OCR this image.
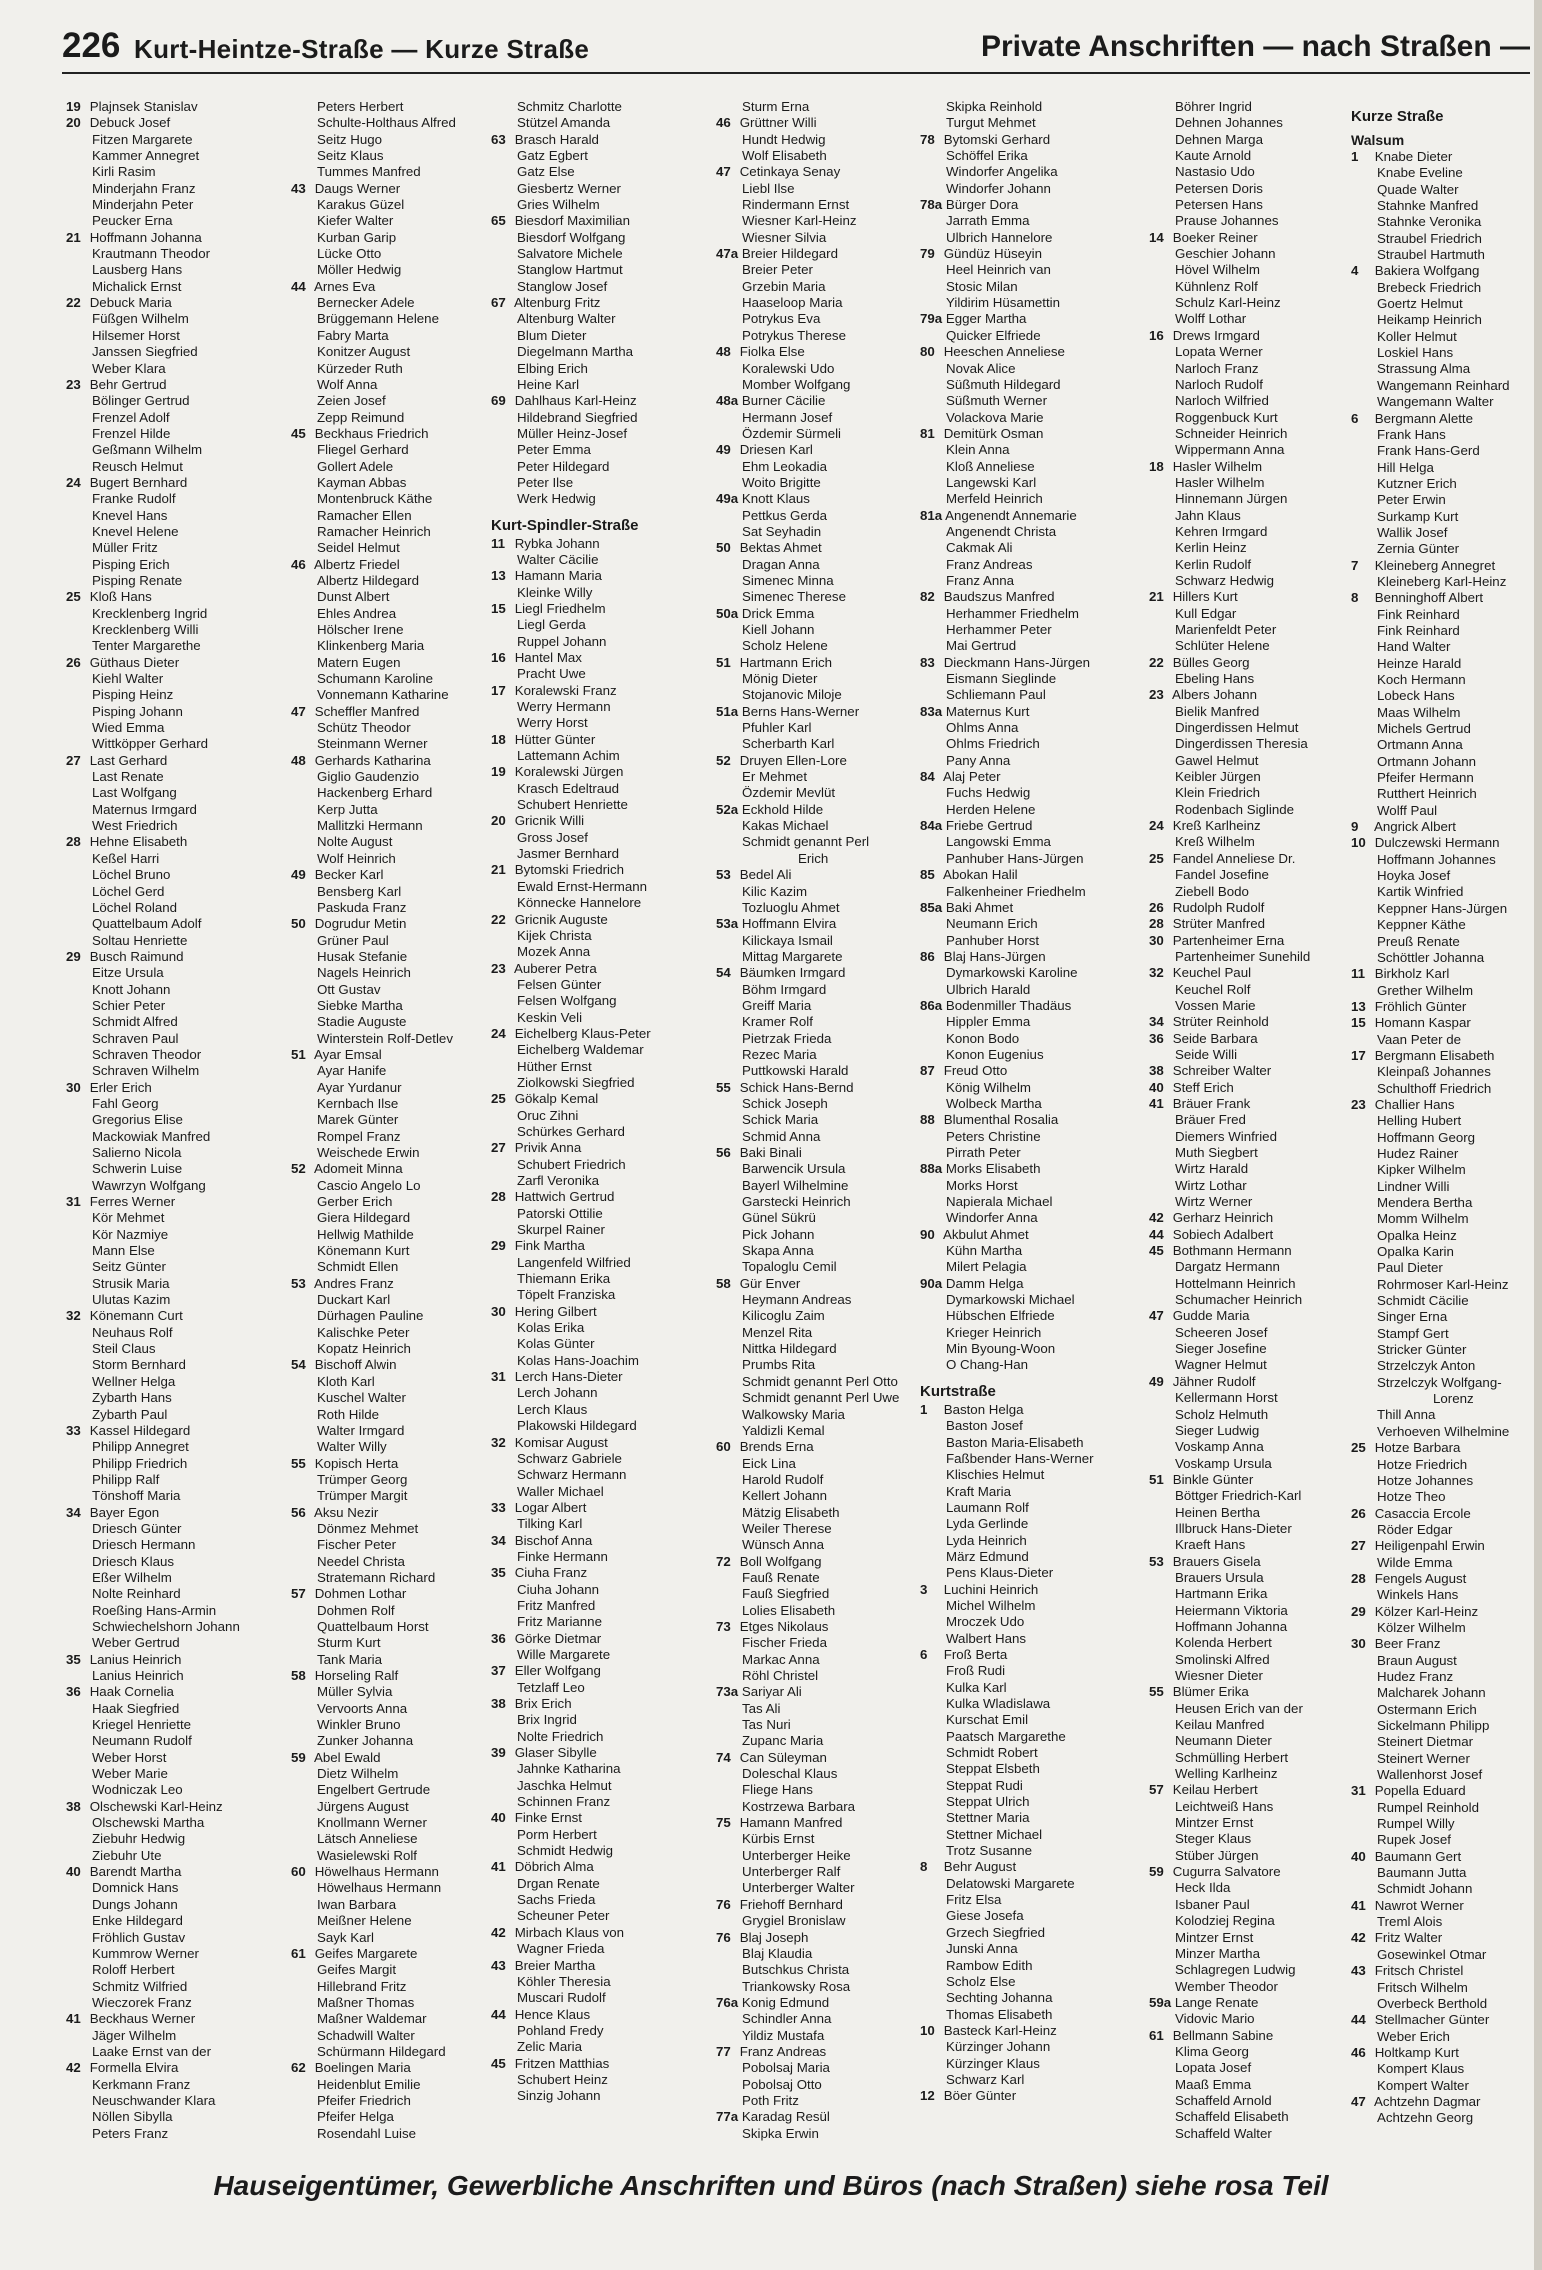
226 Kurt-Heintze-Straße — Kurze Straße	Private Anschriften — nach Straßen —
19 Plajnsek Stanislav
20 Debuck Josef
Fitzen Margarete
Kammer Annegret
Kirli Rasim
Minderjahn Franz
Minderjahn Peter
Peucker Erna
21 Hoffmann Johanna
Krautmann Theodor
Lausberg Hans
Michalick Ernst
22 Debuck Maria
Füßgen Wilhelm
Hilsemer Horst
Janssen Siegfried
Weber Klara
23 Behr Gertrud
Bölinger Gertrud
Frenzel Adolf
Frenzel Hilde
Geßmann Wilhelm
Reusch Helmut
24 Bugert Bernhard
Franke Rudolf
Knevel Hans
Knevel Helene
Müller Fritz
Pisping Erich
Pisping Renate
25 Kloß Hans
Krecklenberg Ingrid
Krecklenberg Willi
Tenter Margarethe
26 Güthaus Dieter
Kiehl Walter
Pisping Heinz
Pisping Johann
Wied Emma
Wittköpper Gerhard
27 Last Gerhard
Last Renate
Last Wolfgang
Maternus Irmgard
West Friedrich
28 Hehne Elisabeth
Keßel Harri
Löchel Bruno
Löchel Gerd
Löchel Roland
Quattelbaum Adolf
Soltau Henriette
29 Busch Raimund
Eitze Ursula
Knott Johann
Schier Peter
Schmidt Alfred
Schraven Paul
Schraven Theodor
Schraven Wilhelm
30 Erler Erich
Fahl Georg
Gregorius Elise
Mackowiak Manfred
Salierno Nicola
Schwerin Luise
Wawrzyn Wolfgang
31 Ferres Werner
Kör Mehmet
Kör Nazmiye
Mann Else
Seitz Günter
Strusik Maria
Ulutas Kazim
32 Könemann Curt
Neuhaus Rolf
Steil Claus
Storm Bernhard
Wellner Helga
Zybarth Hans
Zybarth Paul
33 Kassel Hildegard
Philipp Annegret
Philipp Friedrich
Philipp Ralf
Tönshoff Maria
34 Bayer Egon
Driesch Günter
Driesch Hermann
Driesch Klaus
Eßer Wilhelm
Nolte Reinhard
Roeßing Hans-Armin
Schwiechelshorn Johann
Weber Gertrud
35 Lanius Heinrich
Lanius Heinrich
36 Haak Cornelia
Haak Siegfried
Kriegel Henriette
Neumann Rudolf
Weber Horst
Weber Marie
Wodniczak Leo
38 Olschewski Karl-Heinz
Olschewski Martha
Ziebuhr Hedwig
Ziebuhr Ute
40 Barendt Martha
Domnick Hans
Dungs Johann
Enke Hildegard
Fröhlich Gustav
Kummrow Werner
Roloff Herbert
Schmitz Wilfried
Wieczorek Franz
41 Beckhaus Werner
Jäger Wilhelm
Laake Ernst van der
42 Formella Elvira
Kerkmann Franz
Neuschwander Klara
Nöllen Sibylla
Peters Franz
Peters Herbert
Schulte-Holthaus Alfred
Seitz Hugo
Seitz Klaus
Tummes Manfred
43 Daugs Werner
Karakus Güzel
Kiefer Walter
Kurban Garip
Lücke Otto
Möller Hedwig
44 Arnes Eva
Bernecker Adele
Brüggemann Helene
Fabry Marta
Konitzer August
Kürzeder Ruth
Wolf Anna
Zeien Josef
Zepp Reimund
45 Beckhaus Friedrich
Fliegel Gerhard
Gollert Adele
Kayman Abbas
Montenbruck Käthe
Ramacher Ellen
Ramacher Heinrich
Seidel Helmut
46 Albertz Friedel
Albertz Hildegard
Dunst Albert
Ehles Andrea
Hölscher Irene
Klinkenberg Maria
Matern Eugen
Schumann Karoline
Vonnemann Katharine
47 Scheffler Manfred
Schütz Theodor
Steinmann Werner
48 Gerhards Katharina
Giglio Gaudenzio
Hackenberg Erhard
Kerp Jutta
Mallitzki Hermann
Nolte August
Wolf Heinrich
49 Becker Karl
Bensberg Karl
Paskuda Franz
50 Dogrudur Metin
Grüner Paul
Husak Stefanie
Nagels Heinrich
Ott Gustav
Siebke Martha
Stadie Auguste
Winterstein Rolf-Detlev
51 Ayar Emsal
Ayar Hanife
Ayar Yurdanur
Kernbach Ilse
Marek Günter
Rompel Franz
Weischede Erwin
52 Adomeit Minna
Cascio Angelo Lo
Gerber Erich
Giera Hildegard
Hellwig Mathilde
Könemann Kurt
Schmidt Ellen
53 Andres Franz
Duckart Karl
Dürhagen Pauline
Kalischke Peter
Kopatz Heinrich
54 Bischoff Alwin
Kloth Karl
Kuschel Walter
Roth Hilde
Walter Irmgard
Walter Willy
55 Kopisch Herta
Trümper Georg
Trümper Margit
56 Aksu Nezir
Dönmez Mehmet
Fischer Peter
Needel Christa
Stratemann Richard
57 Dohmen Lothar
Dohmen Rolf
Quattelbaum Horst
Sturm Kurt
Tank Maria
58 Horseling Ralf
Müller Sylvia
Vervoorts Anna
Winkler Bruno
Zunker Johanna
59 Abel Ewald
Dietz Wilhelm
Engelbert Gertrude
Jürgens August
Knollmann Werner
Lätsch Anneliese
Wasielewski Rolf
60 Höwelhaus Hermann
Höwelhaus Hermann
Iwan Barbara
Meißner Helene
Sayk Karl
61 Geifes Margarete
Geifes Margit
Hillebrand Fritz
Maßner Thomas
Maßner Waldemar
Schadwill Walter
Schürmann Hildegard
62 Boelingen Maria
Heidenblut Emilie
Pfeifer Friedrich
Pfeifer Helga
Rosendahl Luise
Schmitz Charlotte
Stützel Amanda
63 Brasch Harald
Gatz Egbert
Gatz Else
Giesbertz Werner
Gries Wilhelm
65 Biesdorf Maximilian
Biesdorf Wolfgang
Salvatore Michele
Stanglow Hartmut
Stanglow Josef
67 Altenburg Fritz
Altenburg Walter
Blum Dieter
Diegelmann Martha
Elbing Erich
Heine Karl
69 Dahlhaus Karl-Heinz
Hildebrand Siegfried
Müller Heinz-Josef
Peter Emma
Peter Hildegard
Peter Ilse
Werk Hedwig
Kurt-Spindler-Straße
11 Rybka Johann
Walter Cäcilie
13 Hamann Maria
Kleinke Willy
15 Liegl Friedhelm
Liegl Gerda
Ruppel Johann
16 Hantel Max
Pracht Uwe
17 Koralewski Franz
Werry Hermann
Werry Horst
18 Hütter Günter
Lattemann Achim
19 Koralewski Jürgen
Krasch Edeltraud
Schubert Henriette
20 Gricnik Willi
Gross Josef
Jasmer Bernhard
21 Bytomski Friedrich
Ewald Ernst-Hermann
Könnecke Hannelore
22 Gricnik Auguste
Kijek Christa
Mozek Anna
23 Auberer Petra
Felsen Günter
Felsen Wolfgang
Keskin Veli
24 Eichelberg Klaus-Peter
Eichelberg Waldemar
Hüther Ernst
Ziolkowski Siegfried
25 Gökalp Kemal
Oruc Zihni
Schürkes Gerhard
27 Privik Anna
Schubert Friedrich
Zarfl Veronika
28 Hattwich Gertrud
Patorski Ottilie
Skurpel Rainer
29 Fink Martha
Langenfeld Wilfried
Thiemann Erika
Töpelt Franziska
30 Hering Gilbert
Kolas Erika
Kolas Günter
Kolas Hans-Joachim
31 Lerch Hans-Dieter
Lerch Johann
Lerch Klaus
Plakowski Hildegard
32 Komisar August
Schwarz Gabriele
Schwarz Hermann
Waller Michael
33 Logar Albert
Tilking Karl
34 Bischof Anna
Finke Hermann
35 Ciuha Franz
Ciuha Johann
Fritz Manfred
Fritz Marianne
36 Görke Dietmar
Wille Margarete
37 Eller Wolfgang
Tetzlaff Leo
38 Brix Erich
Brix Ingrid
Nolte Friedrich
39 Glaser Sibylle
Jahnke Katharina
Jaschka Helmut
Schinnen Franz
40 Finke Ernst
Porm Herbert
Schmidt Hedwig
41 Döbrich Alma
Drgan Renate
Sachs Frieda
Scheuner Peter
42 Mirbach Klaus von
Wagner Frieda
43 Breier Martha
Köhler Theresia
Muscari Rudolf
44 Hence Klaus
Pohland Fredy
Zelic Maria
45 Fritzen Matthias
Schubert Heinz
Sinzig Johann
Sturm Erna
46 Grüttner Willi
Hundt Hedwig
Wolf Elisabeth
47 Cetinkaya Senay
Liebl Ilse
Rindermann Ernst
Wiesner Karl-Heinz
Wiesner Silvia
47a Breier Hildegard
Breier Peter
Grzebin Maria
Haaseloop Maria
Potrykus Eva
Potrykus Therese
48 Fiolka Else
Koralewski Udo
Momber Wolfgang
48a Burner Cäcilie
Hermann Josef
Özdemir Sürmeli
49 Driesen Karl
Ehm Leokadia
Woito Brigitte
49a Knott Klaus
Pettkus Gerda
Sat Seyhadin
50 Bektas Ahmet
Dragan Anna
Simenec Minna
Simenec Therese
50a Drick Emma
Kiell Johann
Scholz Helene
51 Hartmann Erich
Mönig Dieter
Stojanovic Miloje
51a Berns Hans-Werner
Pfuhler Karl
Scherbarth Karl
52 Druyen Ellen-Lore
Er Mehmet
Özdemir Mevlüt
52a Eckhold Hilde
Kakas Michael
Schmidt genannt Perl
Erich
53 Bedel Ali
Kilic Kazim
Tozluoglu Ahmet
53a Hoffmann Elvira
Kilickaya Ismail
Mittag Margarete
54 Bäumken Irmgard
Böhm Irmgard
Greiff Maria
Kramer Rolf
Pietrzak Frieda
Rezec Maria
Puttkowski Harald
55 Schick Hans-Bernd
Schick Joseph
Schick Maria
Schmid Anna
56 Baki Binali
Barwencik Ursula
Bayerl Wilhelmine
Garstecki Heinrich
Günel Sükrü
Pick Johann
Skapa Anna
Topaloglu Cemil
58 Gür Enver
Heymann Andreas
Kilicoglu Zaim
Menzel Rita
Nittka Hildegard
Prumbs Rita
Schmidt genannt Perl Otto
Schmidt genannt Perl Uwe
Walkowsky Maria
Yaldizli Kemal
60 Brends Erna
Eick Lina
Harold Rudolf
Kellert Johann
Mätzig Elisabeth
Weiler Therese
Wünsch Anna
72 Boll Wolfgang
Fauß Renate
Fauß Siegfried
Lolies Elisabeth
73 Etges Nikolaus
Fischer Frieda
Markac Anna
Röhl Christel
73a Sariyar Ali
Tas Ali
Tas Nuri
Zupanc Maria
74 Can Süleyman
Doleschal Klaus
Fliege Hans
Kostrzewa Barbara
75 Hamann Manfred
Kürbis Ernst
Unterberger Heike
Unterberger Ralf
Unterberger Walter
76 Friehoff Bernhard
Grygiel Bronislaw
76 Blaj Joseph
Blaj Klaudia
Butschkus Christa
Triankowsky Rosa
76a Konig Edmund
Schindler Anna
Yildiz Mustafa
77 Franz Andreas
Pobolsaj Maria
Pobolsaj Otto
Poth Fritz
77a Karadag Resül
Skipka Erwin
Skipka Reinhold
Turgut Mehmet
78 Bytomski Gerhard
Schöffel Erika
Windorfer Angelika
Windorfer Johann
78a Bürger Dora
Jarrath Emma
Ulbrich Hannelore
79 Gündüz Hüseyin
Heel Heinrich van
Stosic Milan
Yildirim Hüsamettin
79a Egger Martha
Quicker Elfriede
80 Heeschen Anneliese
Novak Alice
Süßmuth Hildegard
Süßmuth Werner
Volackova Marie
81 Demitürk Osman
Klein Anna
Kloß Anneliese
Langewski Karl
Merfeld Heinrich
81a Angenendt Annemarie
Angenendt Christa
Cakmak Ali
Franz Andreas
Franz Anna
82 Baudszus Manfred
Herhammer Friedhelm
Herhammer Peter
Mai Gertrud
83 Dieckmann Hans-Jürgen
Eismann Sieglinde
Schliemann Paul
83a Maternus Kurt
Ohlms Anna
Ohlms Friedrich
Pany Anna
84 Alaj Peter
Fuchs Hedwig
Herden Helene
84a Friebe Gertrud
Langowski Emma
Panhuber Hans-Jürgen
85 Abokan Halil
Falkenheiner Friedhelm
85a Baki Ahmet
Neumann Erich
Panhuber Horst
86 Blaj Hans-Jürgen
Dymarkowski Karoline
Ulbrich Harald
86a Bodenmiller Thadäus
Hippler Emma
Konon Bodo
Konon Eugenius
87 Freud Otto
König Wilhelm
Wolbeck Martha
88 Blumenthal Rosalia
Peters Christine
Pirrath Peter
88a Morks Elisabeth
Morks Horst
Napierala Michael
Windorfer Anna
90 Akbulut Ahmet
Kühn Martha
Milert Pelagia
90a Damm Helga
Dymarkowski Michael
Hübschen Elfriede
Krieger Heinrich
Min Byoung-Woon
O Chang-Han
Kurtstraße
1 Baston Helga
Baston Josef
Baston Maria-Elisabeth
Faßbender Hans-Werner
Klischies Helmut
Kraft Maria
Laumann Rolf
Lyda Gerlinde
Lyda Heinrich
März Edmund
Pens Klaus-Dieter
3 Luchini Heinrich
Michel Wilhelm
Mroczek Udo
Walbert Hans
6 Froß Berta
Froß Rudi
Kulka Karl
Kulka Wladislawa
Kurschat Emil
Paatsch Margarethe
Schmidt Robert
Steppat Elsbeth
Steppat Rudi
Steppat Ulrich
Stettner Maria
Stettner Michael
Trotz Susanne
8 Behr August
Delatowski Margarete
Fritz Elsa
Giese Josefa
Grzech Siegfried
Junski Anna
Rambow Edith
Scholz Else
Sechting Johanna
Thomas Elisabeth
10 Basteck Karl-Heinz
Kürzinger Johann
Kürzinger Klaus
Schwarz Karl
12 Böer Günter
Böhrer Ingrid
Dehnen Johannes
Dehnen Marga
Kaute Arnold
Nastasio Udo
Petersen Doris
Petersen Hans
Prause Johannes
14 Boeker Reiner
Geschier Johann
Hövel Wilhelm
Kühnlenz Rolf
Schulz Karl-Heinz
Wolff Lothar
16 Drews Irmgard
Lopata Werner
Narloch Franz
Narloch Rudolf
Narloch Wilfried
Roggenbuck Kurt
Schneider Heinrich
Wippermann Anna
18 Hasler Wilhelm
Hasler Wilhelm
Hinnemann Jürgen
Jahn Klaus
Kehren Irmgard
Kerlin Heinz
Kerlin Rudolf
Schwarz Hedwig
21 Hillers Kurt
Kull Edgar
Marienfeldt Peter
Schlüter Helene
22 Bülles Georg
Ebeling Hans
23 Albers Johann
Bielik Manfred
Dingerdissen Helmut
Dingerdissen Theresia
Gawel Helmut
Keibler Jürgen
Klein Friedrich
Rodenbach Siglinde
24 Kreß Karlheinz
Kreß Wilhelm
25 Fandel Anneliese Dr.
Fandel Josefine
Ziebell Bodo
26 Rudolph Rudolf
28 Strüter Manfred
30 Partenheimer Erna
Partenheimer Sunehild
32 Keuchel Paul
Keuchel Rolf
Vossen Marie
34 Strüter Reinhold
36 Seide Barbara
Seide Willi
38 Schreiber Walter
40 Steff Erich
41 Bräuer Frank
Bräuer Fred
Diemers Winfried
Muth Siegbert
Wirtz Harald
Wirtz Lothar
Wirtz Werner
42 Gerharz Heinrich
44 Sobiech Adalbert
45 Bothmann Hermann
Dargatz Hermann
Hottelmann Heinrich
Schumacher Heinrich
47 Gudde Maria
Scheeren Josef
Sieger Josefine
Wagner Helmut
49 Jähner Rudolf
Kellermann Horst
Scholz Helmuth
Sieger Ludwig
Voskamp Anna
Voskamp Ursula
51 Binkle Günter
Böttger Friedrich-Karl
Heinen Bertha
Illbruck Hans-Dieter
Kraeft Hans
53 Brauers Gisela
Brauers Ursula
Hartmann Erika
Heiermann Viktoria
Hoffmann Johanna
Kolenda Herbert
Smolinski Alfred
Wiesner Dieter
55 Blümer Erika
Heusen Erich van der
Keilau Manfred
Neumann Dieter
Schmülling Herbert
Welling Karlheinz
57 Keilau Herbert
Leichtweiß Hans
Mintzer Ernst
Steger Klaus
Stüber Jürgen
59 Cugurra Salvatore
Heck Ilda
Isbaner Paul
Kolodziej Regina
Mintzer Ernst
Minzer Martha
Schlagregen Ludwig
Wember Theodor
59a Lange Renate
Vidovic Mario
61 Bellmann Sabine
Klima Georg
Lopata Josef
Maaß Emma
Schaffeld Arnold
Schaffeld Elisabeth
Schaffeld Walter
Kurze Straße
Walsum
1 Knabe Dieter
Knabe Eveline
Quade Walter
Stahnke Manfred
Stahnke Veronika
Straubel Friedrich
Straubel Hartmuth
4 Bakiera Wolfgang
Brebeck Friedrich
Goertz Helmut
Heikamp Heinrich
Koller Helmut
Loskiel Hans
Strassung Alma
Wangemann Reinhard
Wangemann Walter
6 Bergmann Alette
Frank Hans
Frank Hans-Gerd
Hill Helga
Kutzner Erich
Peter Erwin
Surkamp Kurt
Wallik Josef
Zernia Günter
7 Kleineberg Annegret
Kleineberg Karl-Heinz
8 Benninghoff Albert
Fink Reinhard
Fink Reinhard
Hand Walter
Heinze Harald
Koch Hermann
Lobeck Hans
Maas Wilhelm
Michels Gertrud
Ortmann Anna
Ortmann Johann
Pfeifer Hermann
Rutthert Heinrich
Wolff Paul
9 Angrick Albert
10 Dulczewski Hermann
Hoffmann Johannes
Hoyka Josef
Kartik Winfried
Keppner Hans-Jürgen
Keppner Käthe
Preuß Renate
Schöttler Johanna
11 Birkholz Karl
Grether Wilhelm
13 Fröhlich Günter
15 Homann Kaspar
Vaan Peter de
17 Bergmann Elisabeth
Kleinpaß Johannes
Schulthoff Friedrich
23 Challier Hans
Helling Hubert
Hoffmann Georg
Hudez Rainer
Kipker Wilhelm
Lindner Willi
Mendera Bertha
Momm Wilhelm
Opalka Heinz
Opalka Karin
Paul Dieter
Rohrmoser Karl-Heinz
Schmidt Cäcilie
Singer Erna
Stampf Gert
Stricker Günter
Strzelczyk Anton
Strzelczyk Wolfgang-
Lorenz
Thill Anna
Verhoeven Wilhelmine
25 Hotze Barbara
Hotze Friedrich
Hotze Johannes
Hotze Theo
26 Casaccia Ercole
Röder Edgar
27 Heiligenpahl Erwin
Wilde Emma
28 Fengels August
Winkels Hans
29 Kölzer Karl-Heinz
Kölzer Wilhelm
30 Beer Franz
Braun August
Hudez Franz
Malcharek Johann
Ostermann Erich
Sickelmann Philipp
Steinert Dietmar
Steinert Werner
Wallenhorst Josef
31 Popella Eduard
Rumpel Reinhold
Rumpel Willy
Rupek Josef
40 Baumann Gert
Baumann Jutta
Schmidt Johann
41 Nawrot Werner
Treml Alois
42 Fritz Walter
Gosewinkel Otmar
43 Fritsch Christel
Fritsch Wilhelm
Overbeck Berthold
44 Stellmacher Günter
Weber Erich
46 Holtkamp Kurt
Kompert Klaus
Kompert Walter
47 Achtzehn Dagmar
Achtzehn Georg
Hauseigentümer, Gewerbliche Anschriften und Büros (nach Straßen) siehe rosa Teil
